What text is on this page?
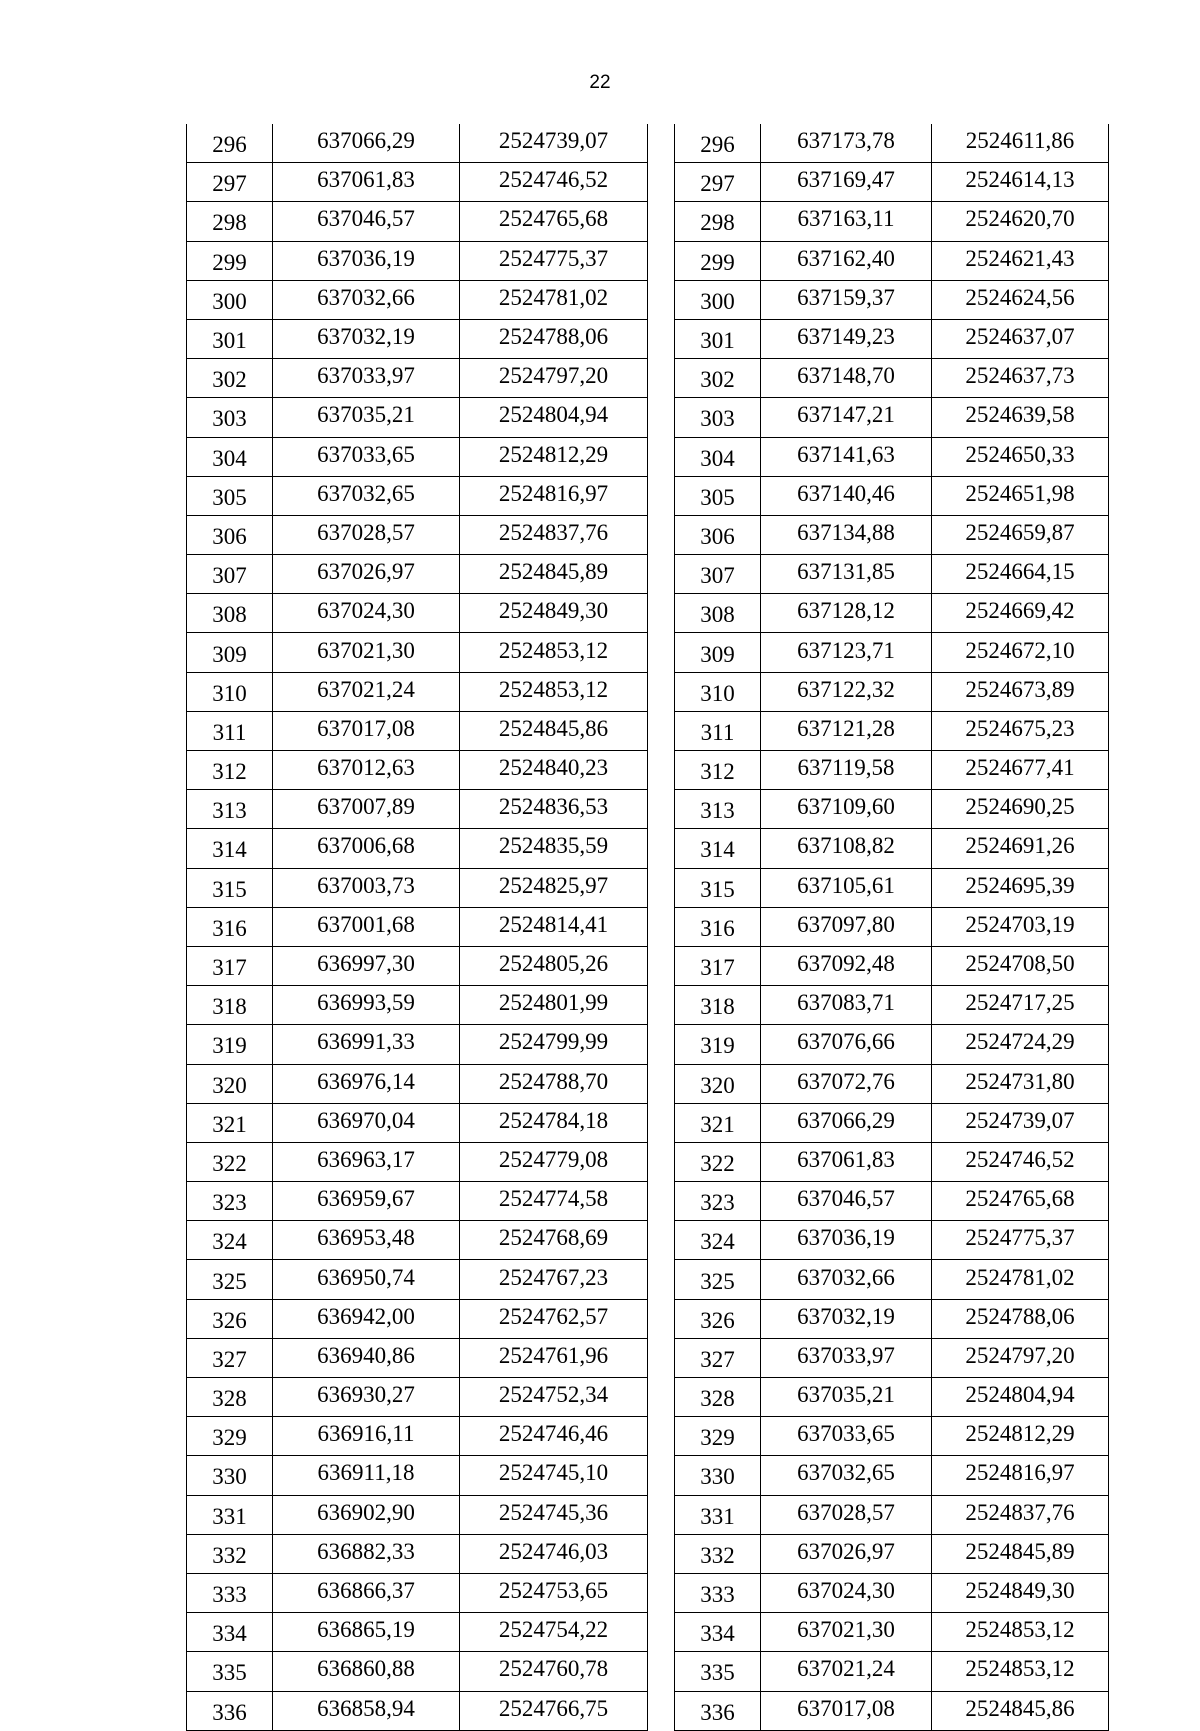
22
296	637066,29	2524739,07
297	637061,83	2524746,52
298	637046,57	2524765,68
299	637036,19	2524775,37
300	637032,66	2524781,02
301	637032,19	2524788,06
302	637033,97	2524797,20
303	637035,21	2524804,94
304	637033,65	2524812,29
305	637032,65	2524816,97
306	637028,57	2524837,76
307	637026,97	2524845,89
308	637024,30	2524849,30
309	637021,30	2524853,12
310	637021,24	2524853,12
311	637017,08	2524845,86
312	637012,63	2524840,23
313	637007,89	2524836,53
314	637006,68	2524835,59
315	637003,73	2524825,97
316	637001,68	2524814,41
317	636997,30	2524805,26
318	636993,59	2524801,99
319	636991,33	2524799,99
320	636976,14	2524788,70
321	636970,04	2524784,18
322	636963,17	2524779,08
323	636959,67	2524774,58
324	636953,48	2524768,69
325	636950,74	2524767,23
326	636942,00	2524762,57
327	636940,86	2524761,96
328	636930,27	2524752,34
329	636916,11	2524746,46
330	636911,18	2524745,10
331	636902,90	2524745,36
332	636882,33	2524746,03
333	636866,37	2524753,65
334	636865,19	2524754,22
335	636860,88	2524760,78
336	636858,94	2524766,75
296	637173,78	2524611,86
297	637169,47	2524614,13
298	637163,11	2524620,70
299	637162,40	2524621,43
300	637159,37	2524624,56
301	637149,23	2524637,07
302	637148,70	2524637,73
303	637147,21	2524639,58
304	637141,63	2524650,33
305	637140,46	2524651,98
306	637134,88	2524659,87
307	637131,85	2524664,15
308	637128,12	2524669,42
309	637123,71	2524672,10
310	637122,32	2524673,89
311	637121,28	2524675,23
312	637119,58	2524677,41
313	637109,60	2524690,25
314	637108,82	2524691,26
315	637105,61	2524695,39
316	637097,80	2524703,19
317	637092,48	2524708,50
318	637083,71	2524717,25
319	637076,66	2524724,29
320	637072,76	2524731,80
321	637066,29	2524739,07
322	637061,83	2524746,52
323	637046,57	2524765,68
324	637036,19	2524775,37
325	637032,66	2524781,02
326	637032,19	2524788,06
327	637033,97	2524797,20
328	637035,21	2524804,94
329	637033,65	2524812,29
330	637032,65	2524816,97
331	637028,57	2524837,76
332	637026,97	2524845,89
333	637024,30	2524849,30
334	637021,30	2524853,12
335	637021,24	2524853,12
336	637017,08	2524845,86
